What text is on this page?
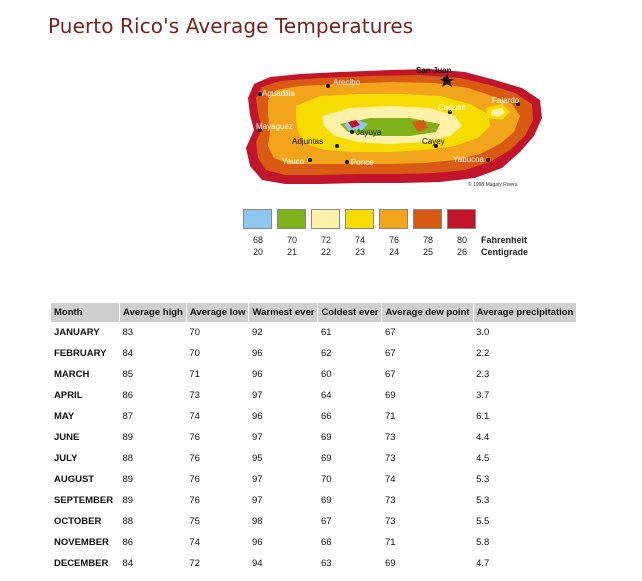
Puerto Rico's Average Temperatures
San Juan
Arecibo
Aguadilla
Fajardo
Caguas
Mayaguez
Jayuya
Adjuntas	Cayey
Yauco	Ponce	Yabucoa
© 1998 Magaly Rivera
68	70	72	74	76	78	80
20	21	22	23	24	25	26
Fahrenheit
Centigrade
Month	Average high	Average low	Warmest ever	Coldest ever	Average dew point	Average precipitation
JANUARY	83	70	92	61	67	3.0
FEBRUARY	84	70	96	62	67	2.2
MARCH	85	71	96	60	67	2.3
APRIL	86	73	97	64	69	3.7
MAY	87	74	96	66	71	6.1
JUNE	89	76	97	69	73	4.4
JULY	88	76	95	69	73	4.5
AUGUST	89	76	97	70	74	5.3
SEPTEMBER	89	76	97	69	73	5.3
OCTOBER	88	75	98	67	73	5.5
NOVEMBER	86	74	96	66	71	5.8
DECEMBER	84	72	94	63	69	4.7
